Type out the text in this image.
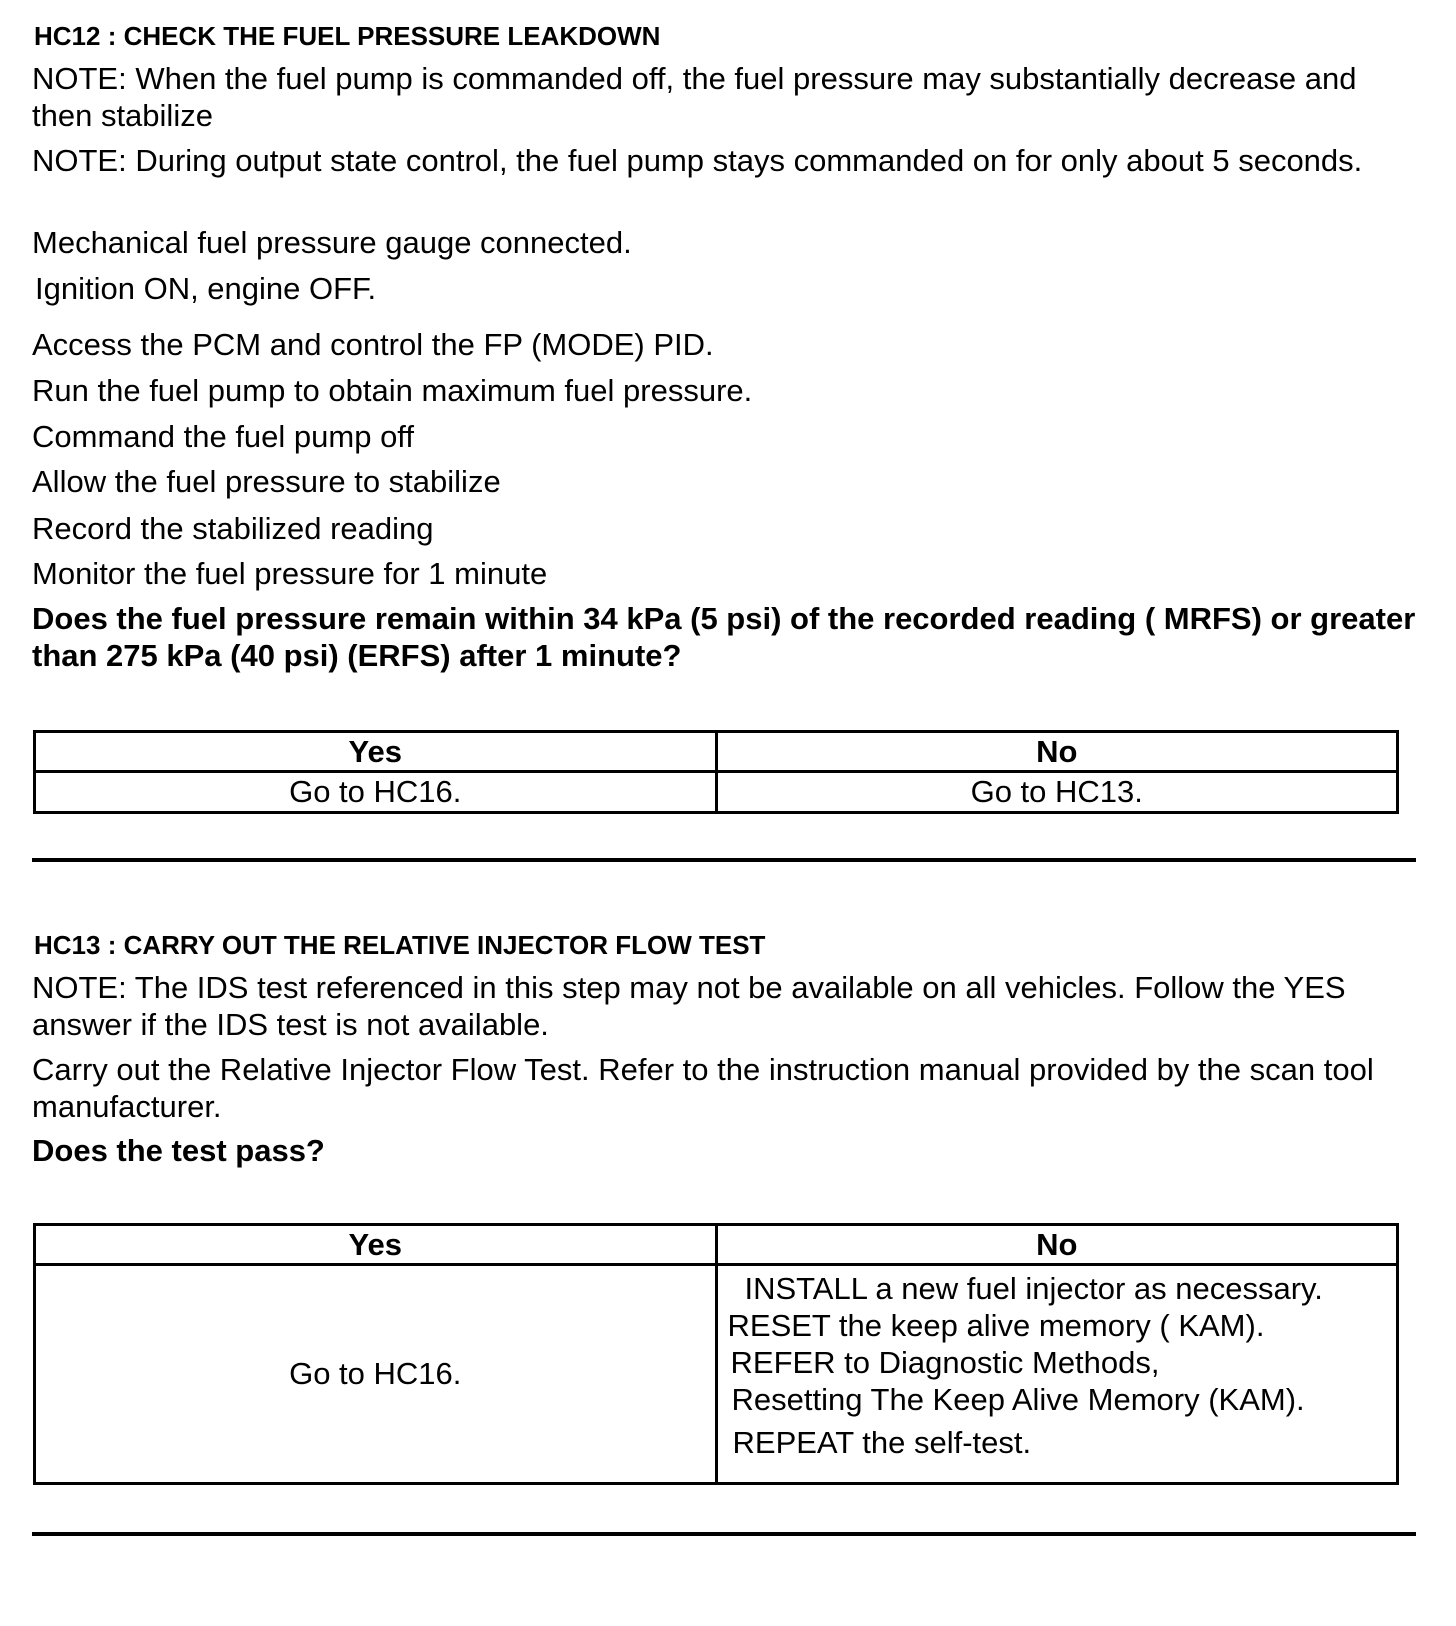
HC12 : CHECK THE FUEL PRESSURE LEAKDOWN

NOTE: When the fuel pump is commanded off, the fuel pressure may substantially decrease and then stabilize

NOTE: During output state control, the fuel pump stays commanded on for only about 5 seconds.

Mechanical fuel pressure gauge connected.

Ignition ON, engine OFF.

Access the PCM and control the FP (MODE) PID.

Run the fuel pump to obtain maximum fuel pressure.

Command the fuel pump off

Allow the fuel pressure to stabilize

Record the stabilized reading

Monitor the fuel pressure for 1 minute

Does the fuel pressure remain within 34 kPa (5 psi) of the recorded reading ( MRFS) or greater than 275 kPa (40 psi) (ERFS) after 1 minute?

Yes	No
Go to HC16.	Go to HC13.
HC13 : CARRY OUT THE RELATIVE INJECTOR FLOW TEST

NOTE: The IDS test referenced in this step may not be available on all vehicles. Follow the YES answer if the IDS test is not available.

Carry out the Relative Injector Flow Test. Refer to the instruction manual provided by the scan tool manufacturer.

Does the test pass?

Yes	No
Go to HC16.	INSTALL a new fuel injector as necessary.
RESET the keep alive memory ( KAM).
REFER to Diagnostic Methods,
Resetting The Keep Alive Memory (KAM).
REPEAT the self-test.
